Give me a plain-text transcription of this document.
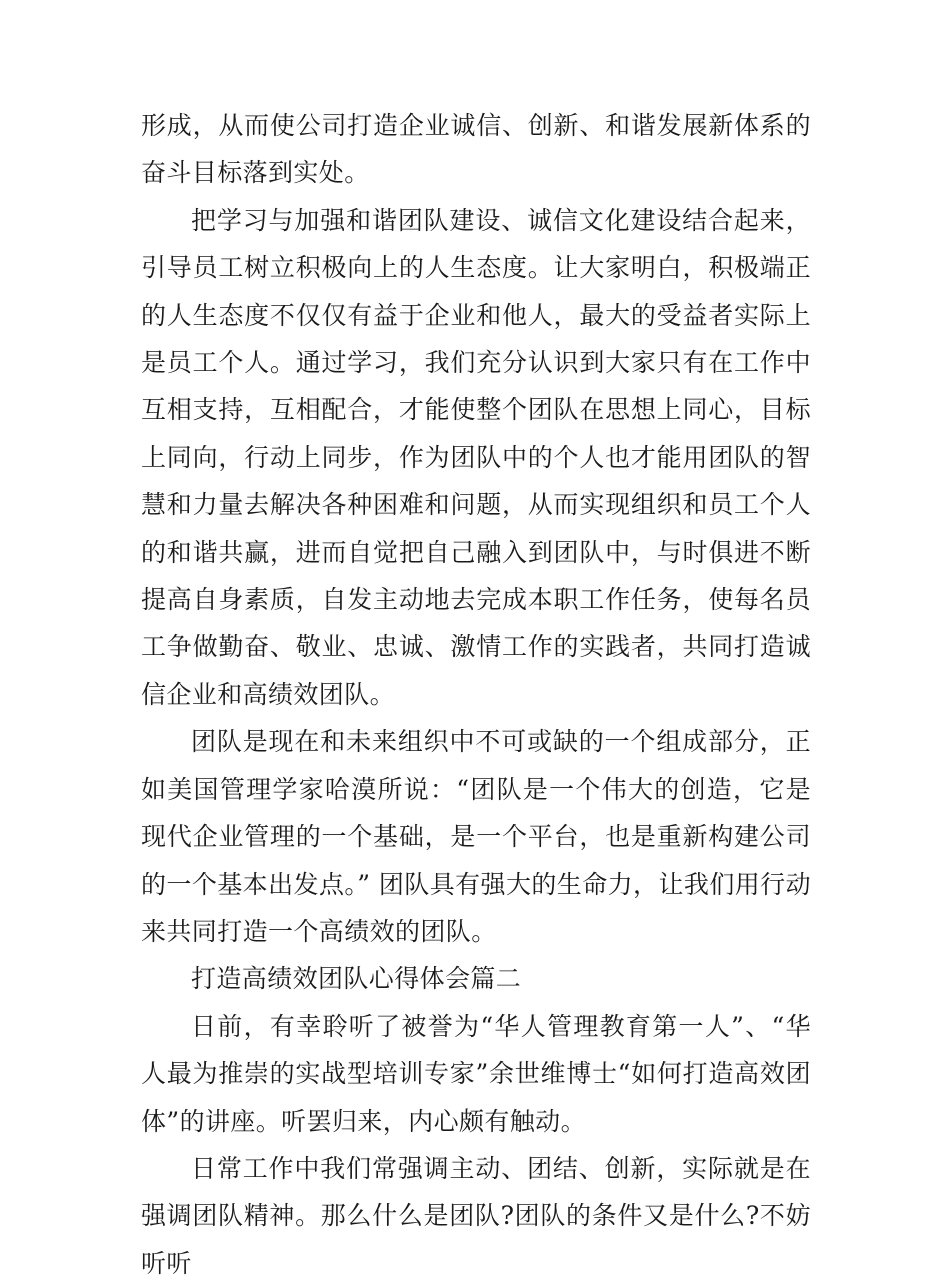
形成，从而使公司打造企业诚信、创新、和谐发展新体系的奋斗目标落到实处。

把学习与加强和谐团队建设、诚信文化建设结合起来，引导员工树立积极向上的人生态度。让大家明白，积极端正的人生态度不仅仅有益于企业和他人，最大的受益者实际上是员工个人。通过学习，我们充分认识到大家只有在工作中互相支持，互相配合，才能使整个团队在思想上同心，目标上同向，行动上同步，作为团队中的个人也才能用团队的智慧和力量去解决各种困难和问题，从而实现组织和员工个人的和谐共赢，进而自觉把自己融入到团队中，与时俱进不断提高自身素质，自发主动地去完成本职工作任务，使每名员工争做勤奋、敬业、忠诚、激情工作的实践者，共同打造诚信企业和高绩效团队。

团队是现在和未来组织中不可或缺的一个组成部分，正如美国管理学家哈漠所说：“团队是一个伟大的创造，它是现代企业管理的一个基础，是一个平台，也是重新构建公司的一个基本出发点。” 团队具有强大的生命力，让我们用行动来共同打造一个高绩效的团队。

打造高绩效团队心得体会篇二

日前，有幸聆听了被誉为“华人管理教育第一人”、“华人最为推崇的实战型培训专家”余世维博士“如何打造高效团体”的讲座。听罢归来，内心颇有触动。

日常工作中我们常强调主动、团结、创新，实际就是在强调团队精神。那么什么是团队?团队的条件又是什么?不妨听听
